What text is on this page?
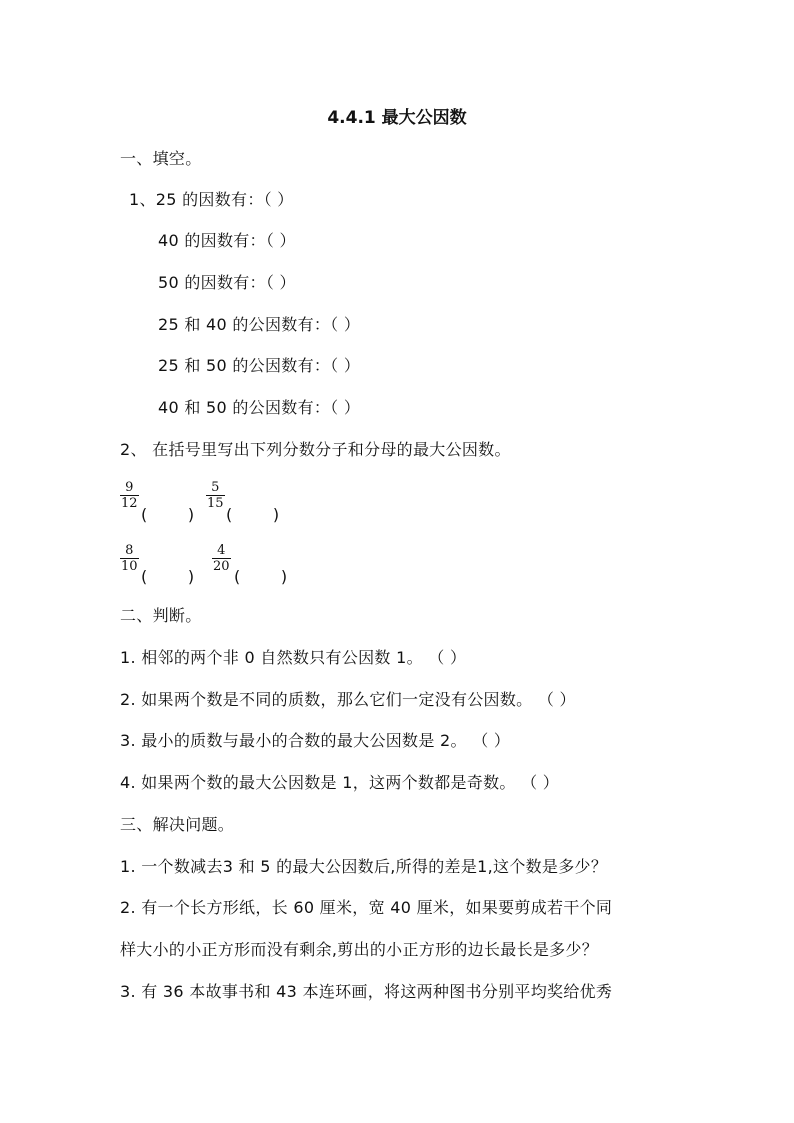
4.4.1 最大公因数
一、填空。
1、25 的因数有：（ ）
40 的因数有：（ ）
50 的因数有：（ ）
25 和 40 的公因数有：（ ）
25 和 50 的公因数有：（ ）
40 和 50 的公因数有：（ ）
2、 在括号里写出下列分数分子和分母的最大公因数。
9
12
(        )
5
15
(        )
8
10
(        )
4
20
(        )
二、判断。
1. 相邻的两个非 0 自然数只有公因数 1。 （ ）
2. 如果两个数是不同的质数，那么它们一定没有公因数。 （ ）
3. 最小的质数与最小的合数的最大公因数是 2。 （ ）
4. 如果两个数的最大公因数是 1，这两个数都是奇数。 （ ）
三、解决问题。
1. 一个数减去3 和 5 的最大公因数后,所得的差是1,这个数是多少？
2. 有一个长方形纸，长 60 厘米，宽 40 厘米，如果要剪成若干个同
样大小的小正方形而没有剩余,剪出的小正方形的边长最长是多少？
3. 有 36 本故事书和 43 本连环画，将这两种图书分别平均奖给优秀
